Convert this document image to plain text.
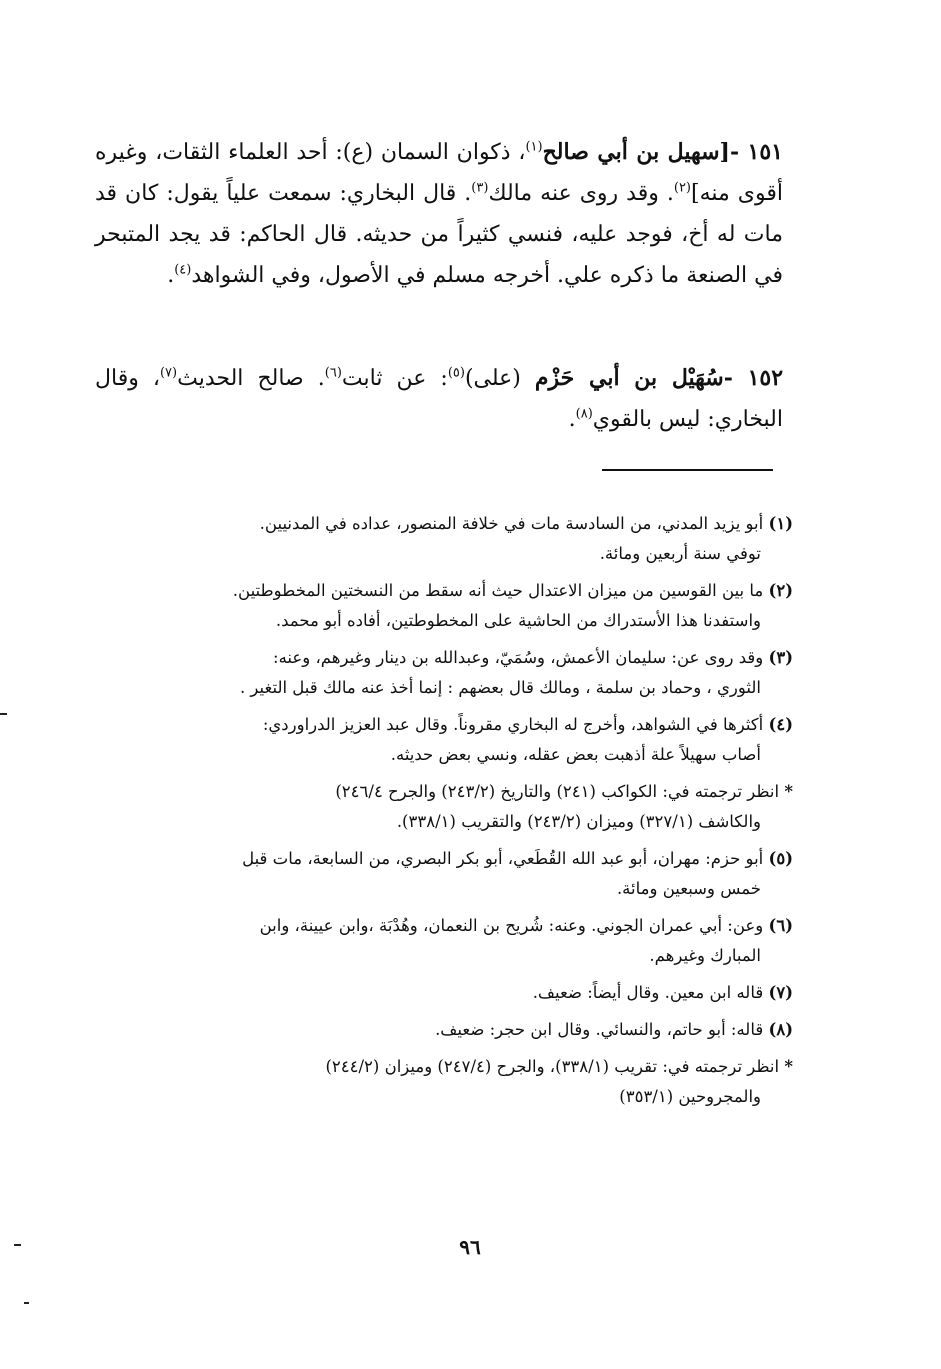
١٥١ -[سهيل بن أبي صالح$^{(١)}$، ذكوان السمان (ع): أحد العلماء الثقات، وغيره أقوى منه]$^{(٢)}$. وقد روى عنه مالك$^{(٣)}$. قال البخاري: سمعت علياً يقول: كان قد مات له أخ، فوجد عليه، فنسي كثيراً من حديثه. قال الحاكم: قد يجد المتبحر في الصنعة ما ذكره علي. أخرجه مسلم في الأصول، وفي الشواهد$^{(٤)}$.

١٥٢ -سُهَيْل بن أبي حَزْم (على)$^{(٥)}$: عن ثابت$^{(٦)}$. صالح الحديث$^{(٧)}$، وقال البخاري: ليس بالقوي$^{(٨)}$.

(١) أبو يزيد المدني، من السادسة مات في خلافة المنصور، عداده في المدنيين.
توفي سنة أربعين ومائة.

(٢) ما بين القوسين من ميزان الاعتدال حيث أنه سقط من النسختين المخطوطتين.
واستفدنا هذا الأستدراك من الحاشية على المخطوطتين، أفاده أبو محمد.

(٣) وقد روى عن: سليمان الأعمش، وسُمَيّ، وعبدالله بن دينار وغيرهم، وعنه:
الثوري ، وحماد بن سلمة ، ومالك قال بعضهم : إنما أخذ عنه مالك قبل التغير .

(٤) أكثرها في الشواهد، وأخرج له البخاري مقروناً. وقال عبد العزيز الدراوردي:
أصاب سهيلاً علة أذهبت بعض عقله، ونسي بعض حديثه.

* انظر ترجمته في: الكواكب (٢٤١) والتاريخ (٢٤٣/٢) والجرح ٢٤٦/٤)
والكاشف (٣٢٧/١) وميزان (٢٤٣/٢) والتقريب (٣٣٨/١).

(٥) أبو حزم: مهران، أبو عبد الله القُطَعي، أبو بكر البصري، من السابعة، مات قبل
خمس وسبعين ومائة.

(٦) وعن: أبي عمران الجوني. وعنه: شُريح بن النعمان، وهُدْبَة ،وابن عيينة، وابن
المبارك وغيرهم.

(٧) قاله ابن معين. وقال أيضاً: ضعيف.

(٨) قاله: أبو حاتم، والنسائي. وقال ابن حجر: ضعيف.

* انظر ترجمته في: تقريب (٣٣٨/١)، والجرح (٢٤٧/٤) وميزان (٢٤٤/٢)
والمجروحين (٣٥٣/١)

٩٦
